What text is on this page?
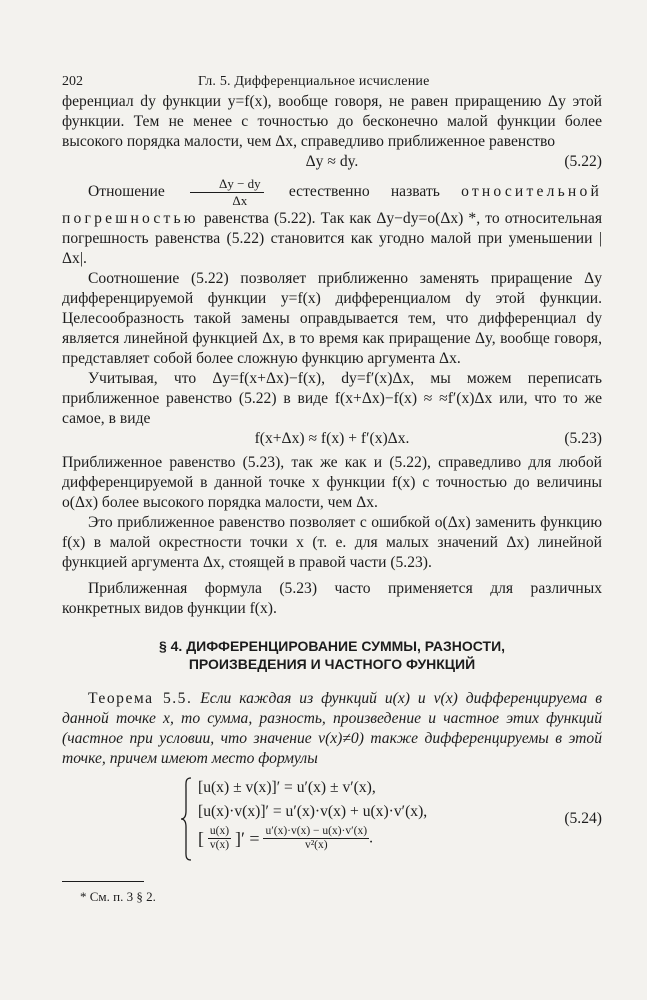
202	Гл. 5. Дифференциальное исчисление

ференциал dy функции y=f(x), вообще говоря, не равен приращению Δy этой функции. Тем не менее с точностью до бесконечно малой функции более высокого порядка малости, чем Δx, справедливо приближенное равенство

Δy ≈ dy.	(5.22)

Отношение $\frac{\Delta y - dy}{\Delta x}$ естественно назвать относительной погрешностью равенства (5.22). Так как Δy−dy=o(Δx) *, то относительная погрешность равенства (5.22) становится как угодно малой при уменьшении |Δx|.

Соотношение (5.22) позволяет приближенно заменять приращение Δy дифференцируемой функции y=f(x) дифференциалом dy этой функции. Целесообразность такой замены оправдывается тем, что дифференциал dy является линейной функцией Δx, в то время как приращение Δy, вообще говоря, представляет собой более сложную функцию аргумента Δx.

Учитывая, что Δy=f(x+Δx)−f(x), dy=f′(x)Δx, мы можем переписать приближенное равенство (5.22) в виде f(x+Δx)−f(x) ≈ ≈f′(x)Δx или, что то же самое, в виде

f(x+Δx) ≈ f(x) + f′(x)Δx.	(5.23)

Приближенное равенство (5.23), так же как и (5.22), справедливо для любой дифференцируемой в данной точке x функции f(x) с точностью до величины o(Δx) более высокого порядка малости, чем Δx.

Это приближенное равенство позволяет с ошибкой o(Δx) заменить функцию f(x) в малой окрестности точки x (т. е. для малых значений Δx) линейной функцией аргумента Δx, стоящей в правой части (5.23).

Приближенная формула (5.23) часто применяется для различных конкретных видов функции f(x).

§ 4. ДИФФЕРЕНЦИРОВАНИЕ СУММЫ, РАЗНОСТИ,
ПРОИЗВЕДЕНИЯ И ЧАСТНОГО ФУНКЦИЙ

Теорема 5.5. Если каждая из функций u(x) и v(x) дифференцируема в данной точке x, то сумма, разность, произведение и частное этих функций (частное при условии, что значение v(x)≠0) также дифференцируемы в этой точке, причем имеют место формулы

[u(x) ± v(x)]′ = u′(x) ± v′(x),
[u(x)·v(x)]′ = u′(x)·v(x) + u(x)·v′(x),
[ $\frac{u(x)}{v(x)}$ ]′ = $\frac{u'(x)\cdot v(x) - u(x)\cdot v'(x)}{\text{v²(x)}}$ .
(5.24)
* См. п. 3 § 2.
